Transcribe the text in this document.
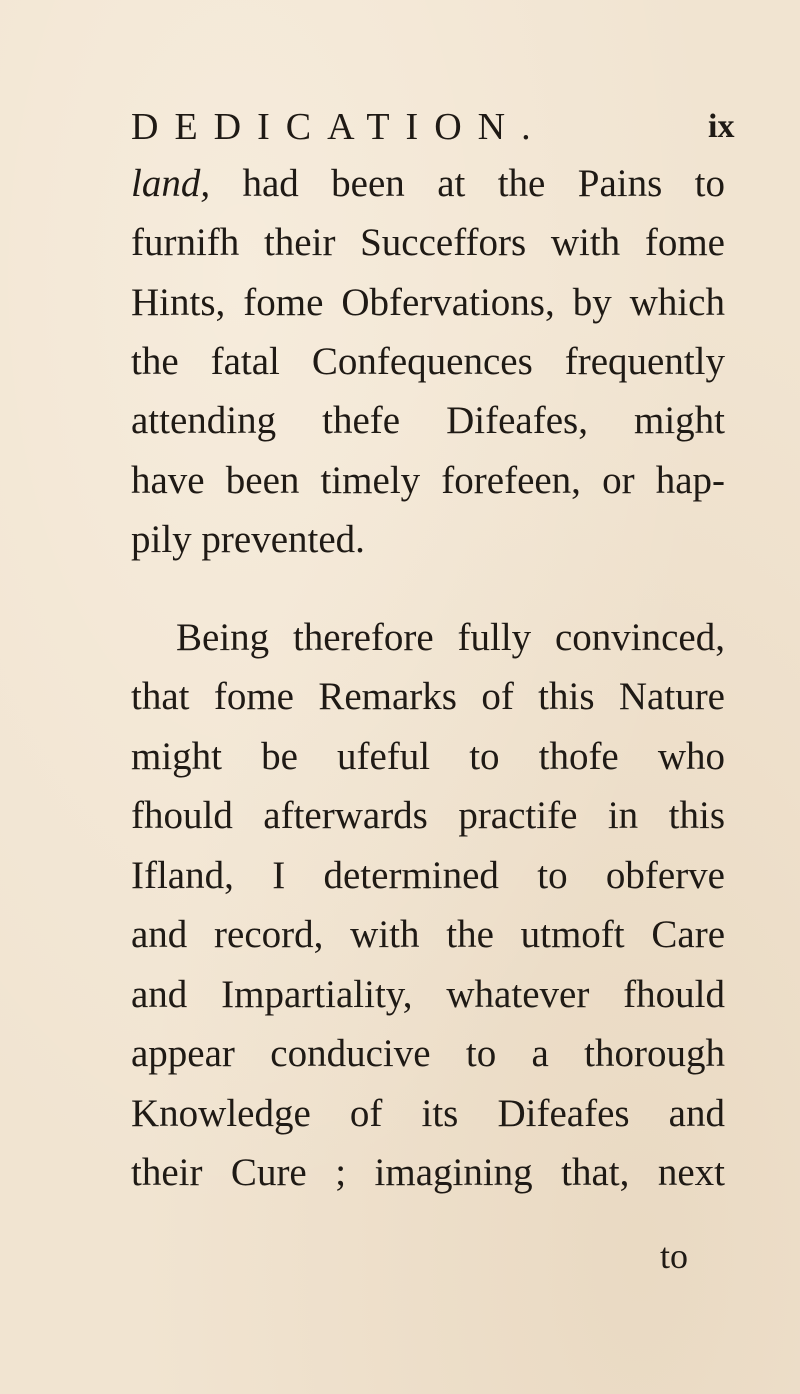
DEDICATION.	ix
land, had been at the Pains to
furnifh their Succeffors with fome
Hints, fome Obfervations, by which
the fatal Confequences frequently
attending thefe Difeafes, might
have been timely forefeen, or hap-
pily prevented.
Being therefore fully convinced,
that fome Remarks of this Nature
might be ufeful to thofe who
fhould afterwards practife in this
Ifland, I determined to obferve
and record, with the utmoft Care
and Impartiality, whatever fhould
appear conducive to a thorough
Knowledge of its Difeafes and
their Cure ; imagining that, next
to
